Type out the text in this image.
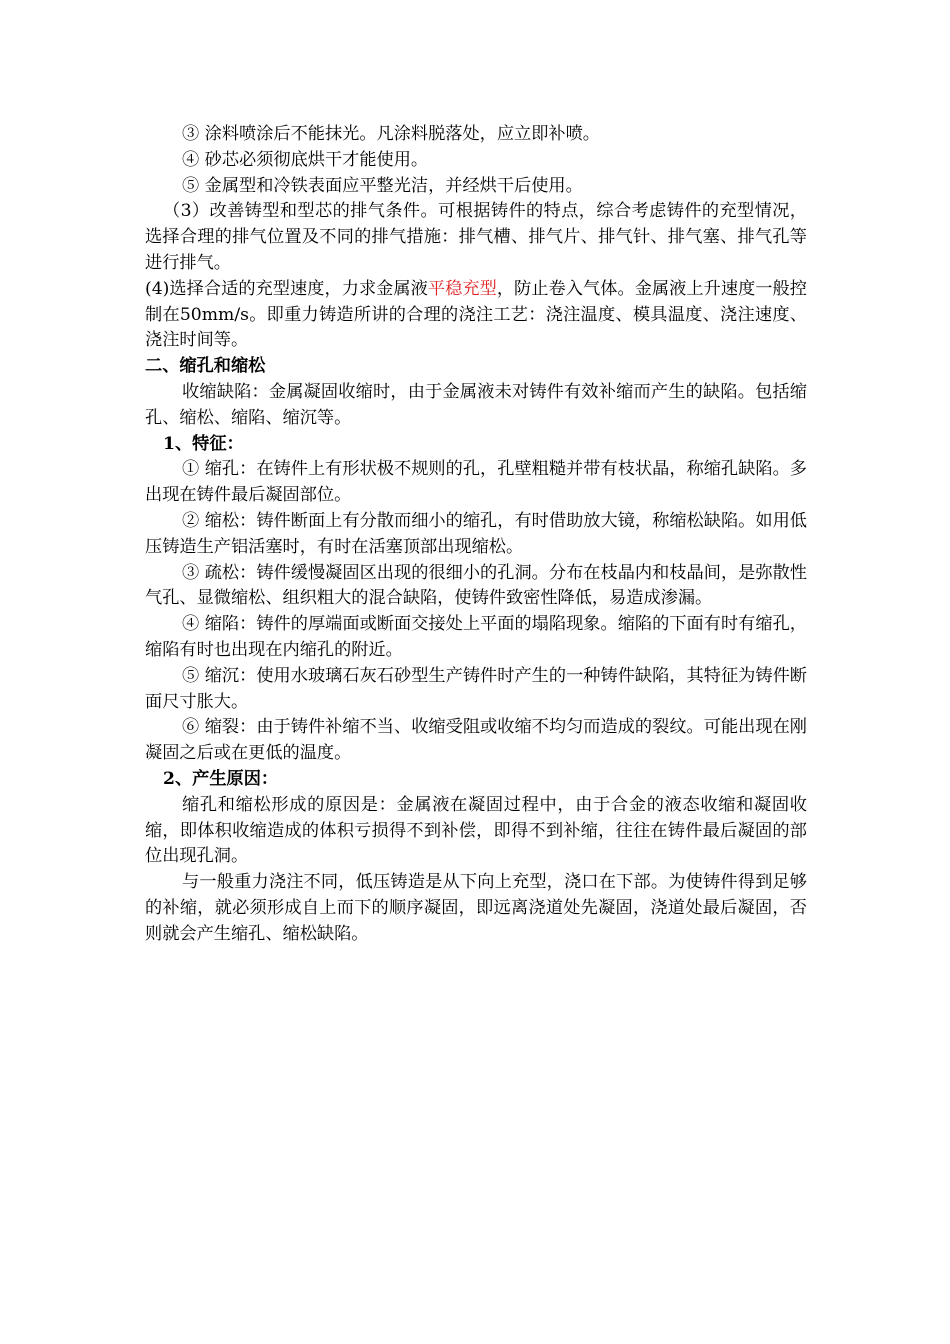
③ 涂料喷涂后不能抹光。凡涂料脱落处，应立即补喷。

④ 砂芯必须彻底烘干才能使用。

⑤ 金属型和冷铁表面应平整光洁，并经烘干后使用。

（3）改善铸型和型芯的排气条件。可根据铸件的特点，综合考虑铸件的充型情况，选择合理的排气位置及不同的排气措施：排气槽、排气片、排气针、排气塞、排气孔等进行排气。

(4)选择合适的充型速度，力求金属液平稳充型，防止卷入气体。金属液上升速度一般控制在50mm/s。即重力铸造所讲的合理的浇注工艺：浇注温度、模具温度、浇注速度、浇注时间等。

二、缩孔和缩松

收缩缺陷：金属凝固收缩时，由于金属液未对铸件有效补缩而产生的缺陷。包括缩孔、缩松、缩陷、缩沉等。

1、特征：

① 缩孔：在铸件上有形状极不规则的孔，孔壁粗糙并带有枝状晶，称缩孔缺陷。多出现在铸件最后凝固部位。

② 缩松：铸件断面上有分散而细小的缩孔，有时借助放大镜，称缩松缺陷。如用低压铸造生产铝活塞时，有时在活塞顶部出现缩松。

③ 疏松：铸件缓慢凝固区出现的很细小的孔洞。分布在枝晶内和枝晶间，是弥散性气孔、显微缩松、组织粗大的混合缺陷，使铸件致密性降低，易造成渗漏。

④ 缩陷：铸件的厚端面或断面交接处上平面的塌陷现象。缩陷的下面有时有缩孔，缩陷有时也出现在内缩孔的附近。

⑤ 缩沉：使用水玻璃石灰石砂型生产铸件时产生的一种铸件缺陷，其特征为铸件断面尺寸胀大。

⑥ 缩裂：由于铸件补缩不当、收缩受阻或收缩不均匀而造成的裂纹。可能出现在刚凝固之后或在更低的温度。

2、产生原因：

缩孔和缩松形成的原因是：金属液在凝固过程中，由于合金的液态收缩和凝固收缩，即体积收缩造成的体积亏损得不到补偿，即得不到补缩，往往在铸件最后凝固的部位出现孔洞。

与一般重力浇注不同，低压铸造是从下向上充型，浇口在下部。为使铸件得到足够的补缩，就必须形成自上而下的顺序凝固，即远离浇道处先凝固，浇道处最后凝固，否则就会产生缩孔、缩松缺陷。
